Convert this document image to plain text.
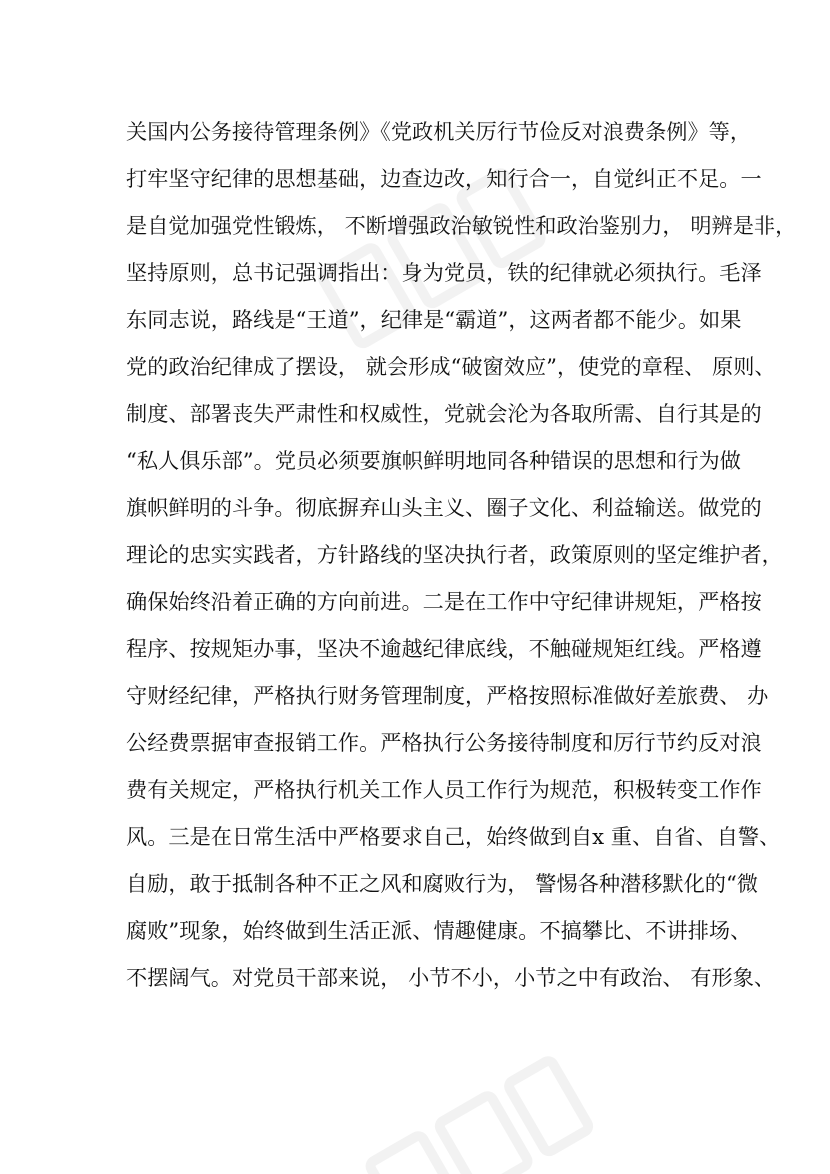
关国内公务接待管理条例》《党政机关厉行节俭反对浪费条例》等，
打牢坚守纪律的思想基础，边查边改，知行合一，自觉纠正不足。一
是自觉加强党性锻炼， 不断增强政治敏锐性和政治鉴别力， 明辨是非，
坚持原则，总书记强调指出：身为党员，铁的纪律就必须执行。毛泽
东同志说，路线是“王道”，纪律是“霸道”，这两者都不能少。如果
党的政治纪律成了摆设， 就会形成“破窗效应”，使党的章程、 原则、
制度、部署丧失严肃性和权威性，党就会沦为各取所需、自行其是的
“私人俱乐部”。党员必须要旗帜鲜明地同各种错误的思想和行为做
旗帜鲜明的斗争。彻底摒弃山头主义、圈子文化、利益输送。做党的
理论的忠实实践者，方针路线的坚决执行者，政策原则的坚定维护者，
确保始终沿着正确的方向前进。二是在工作中守纪律讲规矩，严格按
程序、按规矩办事，坚决不逾越纪律底线，不触碰规矩红线。严格遵
守财经纪律，严格执行财务管理制度，严格按照标准做好差旅费、 办
公经费票据审查报销工作。严格执行公务接待制度和厉行节约反对浪
费有关规定，严格执行机关工作人员工作行为规范，积极转变工作作
风。三是在日常生活中严格要求自己，始终做到自x 重、自省、自警、
自励，敢于抵制各种不正之风和腐败行为， 警惕各种潜移默化的“微
腐败”现象，始终做到生活正派、情趣健康。不搞攀比、不讲排场、
不摆阔气。对党员干部来说， 小节不小，小节之中有政治、 有形象、
